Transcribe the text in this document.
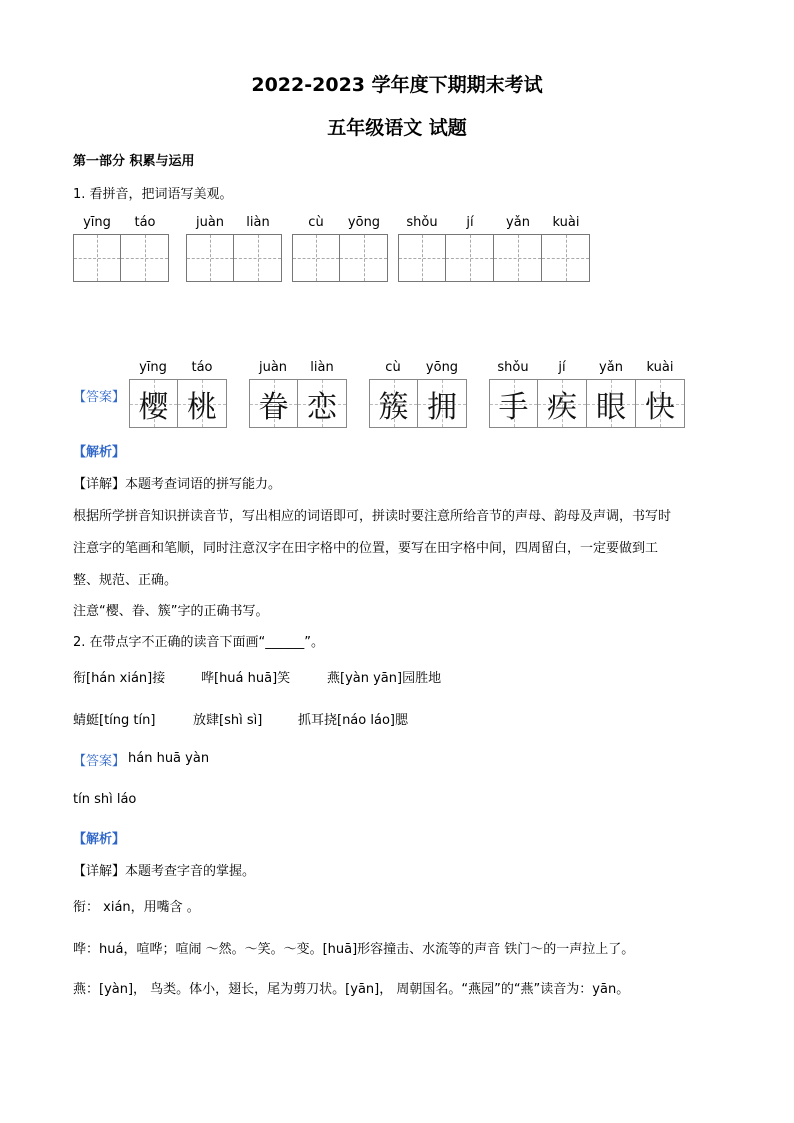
2022-2023 学年度下期期末考试
五年级语文 试题
第一部分 积累与运用
1. 看拼音，把词语写美观。
yīng	táo	juàn	liàn	cù	yōng	shǒu	jí	yǎn	kuài
【答案】
yīng	táo
樱 桃
juàn	liàn
眷 恋
cù	yōng
簇 拥
shǒu	jí	yǎn	kuài
手 疾 眼 快
【解析】
【详解】本题考查词语的拼写能力。
根据所学拼音知识拼读音节，写出相应的词语即可，拼读时要注意所给音节的声母、韵母及声调，书写时
注意字的笔画和笔顺，同时注意汉字在田字格中的位置，要写在田字格中间，四周留白，一定要做到工
整、规范、正确。
注意“樱、眷、簇”字的正确书写。
2. 在带点字不正确的读音下面画“______”。
衔[hán xián]接	哗[huá huā]笑	燕[yàn yān]园胜地
蜻蜓[tíng tín]	放肆[shì sì]	抓耳挠[náo láo]腮
【答案】 hán huā yàn
tín shì láo
【解析】
【详解】本题考查字音的掌握。
衔： xián，用嘴含 。
哗：huá，喧哗；喧闹 ～然。～笑。～变。[huā]形容撞击、水流等的声音 铁门～的一声拉上了。
燕：[yàn]， 鸟类。体小，翅长，尾为剪刀状。[yān]， 周朝国名。“燕园”的“燕”读音为：yān。
